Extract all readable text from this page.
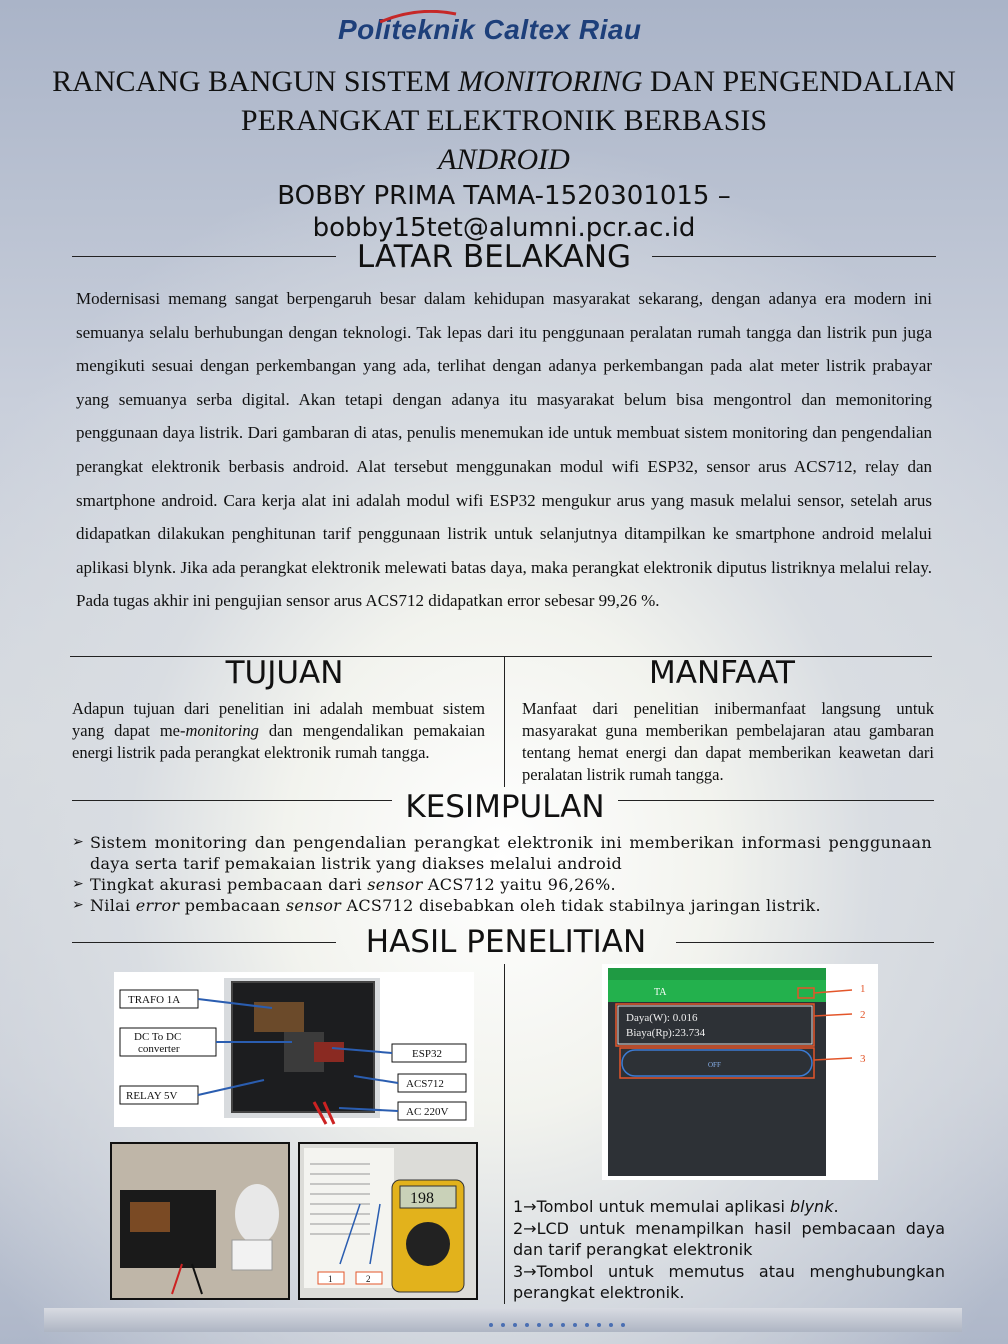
Politeknik Caltex Riau
RANCANG BANGUN SISTEM MONITORING DAN PENGENDALIAN PERANGKAT ELEKTRONIK BERBASIS
ANDROID
BOBBY PRIMA TAMA-1520301015 –
bobby15tet@alumni.pcr.ac.id
LATAR BELAKANG
Modernisasi memang sangat berpengaruh besar dalam kehidupan masyarakat sekarang, dengan adanya era modern ini semuanya selalu berhubungan dengan teknologi. Tak lepas dari itu penggunaan peralatan rumah tangga dan listrik pun juga mengikuti sesuai dengan perkembangan yang ada, terlihat dengan adanya perkembangan pada alat meter listrik prabayar yang semuanya serba digital. Akan tetapi dengan adanya itu masyarakat belum bisa mengontrol dan memonitoring penggunaan daya listrik. Dari gambaran di atas, penulis menemukan ide untuk membuat sistem monitoring dan pengendalian perangkat elektronik berbasis android. Alat tersebut menggunakan modul wifi ESP32, sensor arus ACS712, relay dan smartphone android. Cara kerja alat ini adalah modul wifi ESP32 mengukur arus yang masuk melalui sensor, setelah arus didapatkan dilakukan penghitunan tarif penggunaan listrik untuk selanjutnya ditampilkan ke smartphone android melalui aplikasi blynk. Jika ada perangkat elektronik melewati batas daya, maka perangkat elektronik diputus listriknya melalui relay. Pada tugas akhir ini pengujian sensor arus ACS712 didapatkan error sebesar 99,26 %.
TUJUAN	MANFAAT
Adapun tujuan dari penelitian ini adalah membuat sistem yang dapat me-monitoring dan mengendalikan pemakaian energi listrik pada perangkat elektronik rumah tangga.
Manfaat dari penelitian inibermanfaat langsung untuk masyarakat guna memberikan pembelajaran atau gambaran tentang hemat energi dan dapat memberikan keawetan dari peralatan listrik rumah tangga.
KESIMPULAN
➢ Sistem monitoring dan pengendalian perangkat elektronik ini memberikan informasi penggunaan daya serta tarif pemakaian listrik yang diakses melalui android
➢ Tingkat akurasi pembacaan dari sensor ACS712 yaitu 96,26%.
➢ Nilai error pembacaan sensor ACS712 disebabkan oleh tidak stabilnya jaringan listrik.
HASIL PENELITIAN
TRAFO 1A
DC To DC
converter
RELAY 5V
ESP32
ACS712
AC 220V
198
1	2
TA
Daya(W): 0.016
Biaya(Rp):23.734
OFF
1
2
3
1→Tombol untuk memulai aplikasi blynk.
2→LCD untuk menampilkan hasil pembacaan daya dan tarif perangkat elektronik
3→Tombol untuk memutus atau menghubungkan perangkat elektronik.
